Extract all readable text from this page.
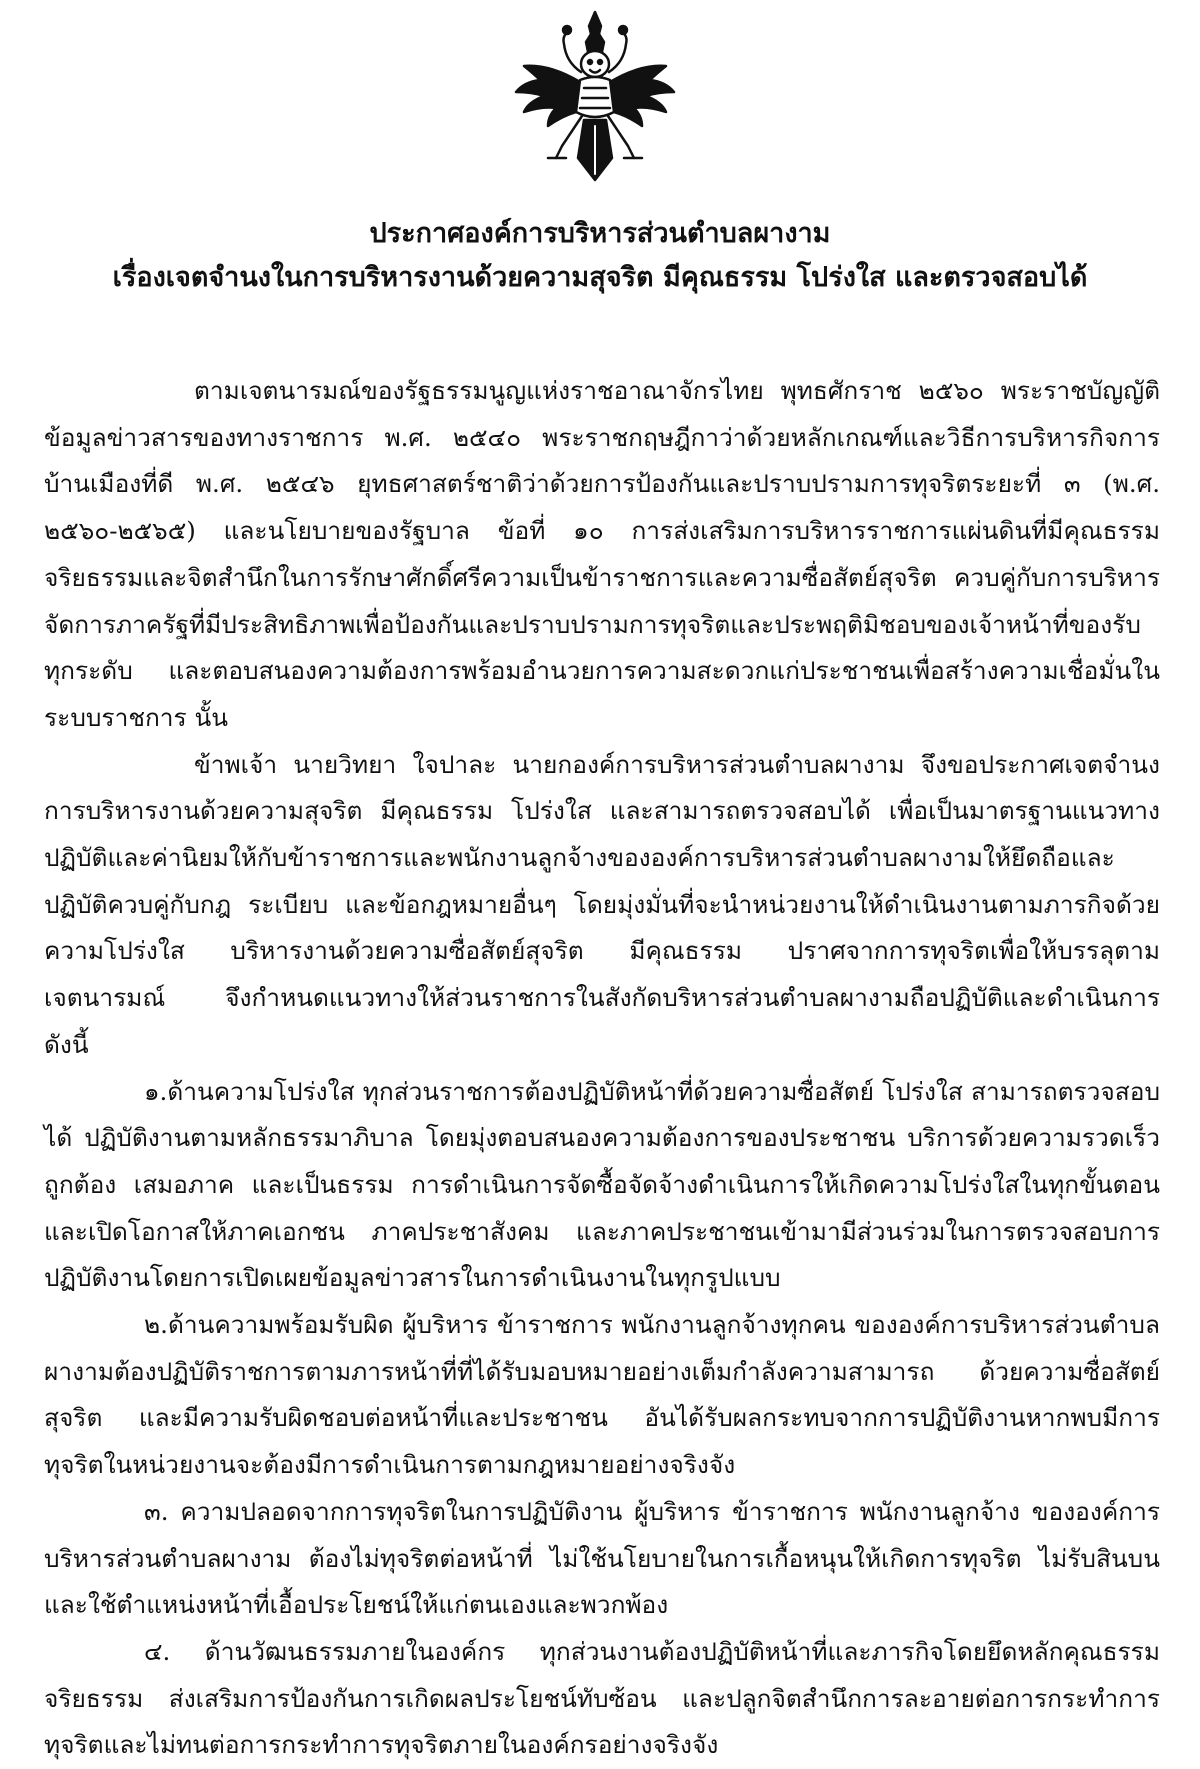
ประกาศองค์การบริหารส่วนตำบลผางาม
เรื่องเจตจำนงในการบริหารงานด้วยความสุจริต มีคุณธรรม โปร่งใส และตรวจสอบได้

ตามเจตนารมณ์ของรัฐธรรมนูญแห่งราชอาณาจักรไทย พุทธศักราช ๒๕๖๐ พระราชบัญญัติข้อมูลข่าวสารของทางราชการ พ.ศ. ๒๕๔๐ พระราชกฤษฎีกาว่าด้วยหลักเกณฑ์และวิธีการบริหารกิจการบ้านเมืองที่ดี พ.ศ. ๒๕๔๖ ยุทธศาสตร์ชาติว่าด้วยการป้องกันและปราบปรามการทุจริตระยะที่ ๓ (พ.ศ. ๒๕๖๐-๒๕๖๕) และนโยบายของรัฐบาล ข้อที่ ๑๐ การส่งเสริมการบริหารราชการแผ่นดินที่มีคุณธรรม จริยธรรมและจิตสำนึกในการรักษาศักดิ์ศรีความเป็นข้าราชการและความซื่อสัตย์สุจริต ควบคู่กับการบริหารจัดการภาครัฐที่มีประสิทธิภาพเพื่อป้องกันและปราบปรามการทุจริตและประพฤติมิชอบของเจ้าหน้าที่ของรับทุกระดับ และตอบสนองความต้องการพร้อมอำนวยการความสะดวกแก่ประชาชนเพื่อสร้างความเชื่อมั่นในระบบราชการ นั้น

ข้าพเจ้า นายวิทยา ใจปาละ นายกองค์การบริหารส่วนตำบลผางาม จึงขอประกาศเจตจำนงการบริหารงานด้วยความสุจริต มีคุณธรรม โปร่งใส และสามารถตรวจสอบได้ เพื่อเป็นมาตรฐานแนวทางปฏิบัติและค่านิยมให้กับข้าราชการและพนักงานลูกจ้างขององค์การบริหารส่วนตำบลผางามให้ยึดถือและปฏิบัติควบคู่กับกฎ ระเบียบ และข้อกฎหมายอื่นๆ โดยมุ่งมั่นที่จะนำหน่วยงานให้ดำเนินงานตามภารกิจด้วยความโปร่งใส บริหารงานด้วยความซื่อสัตย์สุจริต มีคุณธรรม ปราศจากการทุจริตเพื่อให้บรรลุตามเจตนารมณ์ จึงกำหนดแนวทางให้ส่วนราชการในสังกัดบริหารส่วนตำบลผางามถือปฏิบัติและดำเนินการ ดังนี้

๑.ด้านความโปร่งใส ทุกส่วนราชการต้องปฏิบัติหน้าที่ด้วยความซื่อสัตย์ โปร่งใส สามารถตรวจสอบได้ ปฏิบัติงานตามหลักธรรมาภิบาล โดยมุ่งตอบสนองความต้องการของประชาชน บริการด้วยความรวดเร็ว ถูกต้อง เสมอภาค และเป็นธรรม การดำเนินการจัดซื้อจัดจ้างดำเนินการให้เกิดความโปร่งใสในทุกขั้นตอนและเปิดโอกาสให้ภาคเอกชน ภาคประชาสังคม และภาคประชาชนเข้ามามีส่วนร่วมในการตรวจสอบการปฏิบัติงานโดยการเปิดเผยข้อมูลข่าวสารในการดำเนินงานในทุกรูปแบบ

๒.ด้านความพร้อมรับผิด ผู้บริหาร ข้าราชการ พนักงานลูกจ้างทุกคน ขององค์การบริหารส่วนตำบลผางามต้องปฏิบัติราชการตามภารหน้าที่ที่ได้รับมอบหมายอย่างเต็มกำลังความสามารถ ด้วยความซื่อสัตย์สุจริต และมีความรับผิดชอบต่อหน้าที่และประชาชน อันได้รับผลกระทบจากการปฏิบัติงานหากพบมีการทุจริตในหน่วยงานจะต้องมีการดำเนินการตามกฎหมายอย่างจริงจัง

๓. ความปลอดจากการทุจริตในการปฏิบัติงาน ผู้บริหาร ข้าราชการ พนักงานลูกจ้าง ขององค์การบริหารส่วนตำบลผางาม ต้องไม่ทุจริตต่อหน้าที่ ไม่ใช้นโยบายในการเกื้อหนุนให้เกิดการทุจริต ไม่รับสินบนและใช้ตำแหน่งหน้าที่เอื้อประโยชน์ให้แก่ตนเองและพวกพ้อง

๔. ด้านวัฒนธรรมภายในองค์กร ทุกส่วนงานต้องปฏิบัติหน้าที่และภารกิจโดยยึดหลักคุณธรรมจริยธรรม ส่งเสริมการป้องกันการเกิดผลประโยชน์ทับซ้อน และปลูกจิตสำนึกการละอายต่อการกระทำการทุจริตและไม่ทนต่อการกระทำการทุจริตภายในองค์กรอย่างจริงจัง
